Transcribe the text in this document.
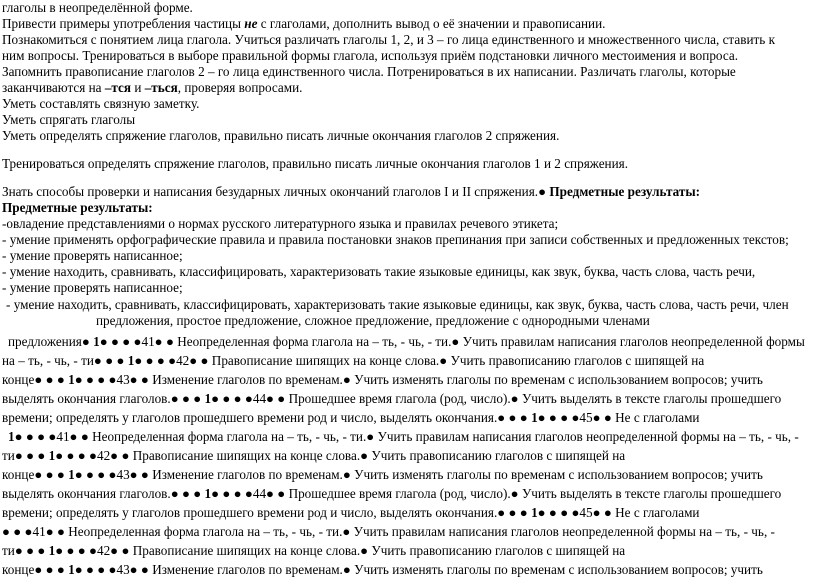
глаголы в неопределённой форме.
Привести примеры употребления частицы не с глаголами, дополнить вывод о её значении и правописании.
Познакомиться с понятием лица глагола. Учиться различать глаголы 1, 2, и 3 – го лица единственного и множественного числа, ставить к
ним вопросы. Тренироваться в выборе правильной формы глагола, используя приём подстановки личного местоимения и вопроса.
Запомнить правописание глаголов 2 – го лица единственного числа. Потренироваться в их написании. Различать глаголы, которые
заканчиваются на –тся и –ться, проверяя вопросами.
Уметь составлять связную заметку.
Уметь спрягать глаголы
Уметь определять спряжение глаголов, правильно писать личные окончания глаголов 2 спряжения.
Тренироваться определять спряжение глаголов, правильно писать личные окончания глаголов 1 и 2 спряжения.
Знать способы проверки и написания безударных личных окончаний глаголов I и II спряжения.● Предметные результаты:
Предметные результаты:
-овладение представлениями о нормах русского литературного языка и правилах речевого этикета;
- умение применять орфографические правила и правила постановки знаков препинания при записи собственных и предложенных текстов;
- умение проверять написанное;
- умение находить, сравнивать, классифицировать, характеризовать такие языковые единицы, как звук, буква, часть слова, часть речи,
- умение проверять написанное;
- умение находить, сравнивать, классифицировать, характеризовать такие языковые единицы, как звук, буква, часть слова, часть речи, член
предложения, простое предложение, сложное предложение, предложение с однородными членами
предложения● 1● ● ● ●41● ● Неопределенная форма глагола на – ть, - чь, - ти.● Учить правилам написания глаголов неопределенной формы
на – ть, - чь, - ти● ● ● 1● ● ● ●42● ● Правописание шипящих на конце слова.● Учить правописанию глаголов с шипящей на
конце● ● ● 1● ● ● ●43● ● Изменение глаголов по временам.● Учить изменять глаголы по временам с использованием вопросов; учить
выделять окончания глаголов.● ● ● 1● ● ● ●44● ● Прошедшее время глагола (род, число).● Учить выделять в тексте глаголы прошедшего
времени; определять у глаголов прошедшего времени род и число, выделять окончания.● ● ● 1● ● ● ●45● ● Не с глаголами
1● ● ● ●41● ● Неопределенная форма глагола на – ть, - чь, - ти.● Учить правилам написания глаголов неопределенной формы на – ть, - чь, -
ти● ● ● 1● ● ● ●42● ● Правописание шипящих на конце слова.● Учить правописанию глаголов с шипящей на
конце● ● ● 1● ● ● ●43● ● Изменение глаголов по временам.● Учить изменять глаголы по временам с использованием вопросов; учить
выделять окончания глаголов.● ● ● 1● ● ● ●44● ● Прошедшее время глагола (род, число).● Учить выделять в тексте глаголы прошедшего
времени; определять у глаголов прошедшего времени род и число, выделять окончания.● ● ● 1● ● ● ●45● ● Не с глаголами
● ● ●41● ● Неопределенная форма глагола на – ть, - чь, - ти.● Учить правилам написания глаголов неопределенной формы на – ть, - чь, -
ти● ● ● 1● ● ● ●42● ● Правописание шипящих на конце слова.● Учить правописанию глаголов с шипящей на
конце● ● ● 1● ● ● ●43● ● Изменение глаголов по временам.● Учить изменять глаголы по временам с использованием вопросов; учить
